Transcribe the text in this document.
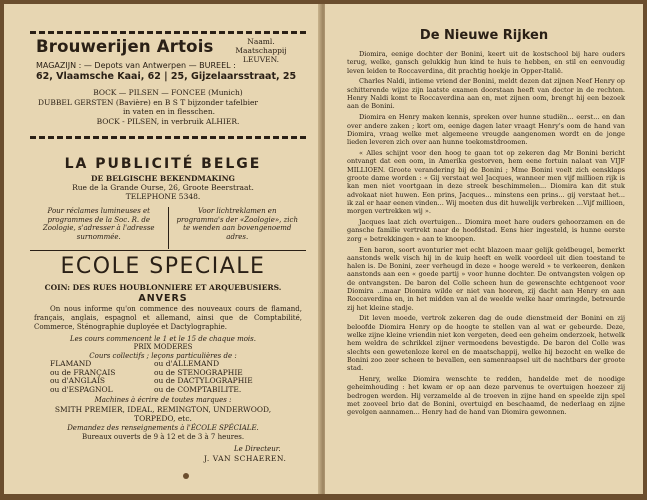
Brouwerijen Artois	Naaml. Maatschappij
LEUVEN.
MAGAZIJN : — Depots van Antwerpen — BUREEL :
62, Vlaamsche Kaai, 62 | 25, Gijzelaarsstraat, 25
BOCK — PILSEN — FONCEE (Munich)
DUBBEL GERSTEN (Bavière) en B S T bijzonder tafelbier
in vaten en in flesschen.
BOCK - PILSEN, in verbruik ALHIER.
LA PUBLICITÉ BELGE
DE BELGISCHE BEKENDMAKING
Rue de la Grande Ourse, 26, Groote Beerstraat.
TELEPHONE 5348.
Pour réclames lumineuses et programmes de la Soc. R. de Zoologie, s'adresser à l'adresse surnommée.
Voor lichtreklamen en programma's der «Zoologie», zich te wenden aan bovengenoemd adres.
ECOLE SPECIALE
COIN: DES RUES HOUBLONNIERE ET ARQUEBUSIERS.
ANVERS
On nous informe qu'on commence des nouveaux cours de flamand, français, anglais, espagnol et allemand, ainsi que de Comptabilité, Commerce, Sténographie duployée et Dactylographie.
Les cours commencent le 1 et le 15 de chaque mois.
PRIX MODERES
Cours collectifs ; leçons particulières de :
FLAMAND
ou de FRANÇAIS
ou d'ANGLAIS
ou d'ESPAGNOL
ou d'ALLEMAND
ou de STENOGRAPHIE
ou de DACTYLOGRAPHIE
ou de COMPTABILITE.
Machines à écrire de toutes marques :
SMITH PREMIER, IDEAL, REMINGTON, UNDERWOOD,
TORPEDO, etc.
Demandez des renseignements à l'ÉCOLE SPÉCIALE.
Bureaux ouverts de 9 à 12 et de 3 à 7 heures.
Le Directeur.
J. VAN SCHAEREN.
De Nieuwe Rijken

Diomira, eenige dochter der Bonini, keert uit de kostschool bij hare ouders terug, welke, gansch gelukkig hun kind te huis te hebben, en stil en eenvoudig leven leiden te Roccaverdina, dit prachtig hoekje in Opper-Italië.

Charles Naldi, intieme vriend der Bonini, meldt dezen dat zijnen Neef Henry op schitterende wijze zijn laatste examen doorstaan heeft van doctor in de rechten. Henry Naldi komt te Roccaverdina aan en, met zijnen oom, brengt hij een bezoek aan de Bonini.

Diomira en Henry maken kennis, spreken over hunne studiën... eerst... en dan over andere zaken ; kort om, eenige dagen later vraagt Henry's oom de hand van Diomira, vraag welke met algemeene vreugde aangenomen wordt en de jonge lieden leveren zich over aan hunne toekomstdroomen.

« Alles schijnt voor den hoog te gaan tot op zekeren dag Mr Bonini bericht ontvangt dat een oom, in Amerika gestorven, hem eene fortuin nalaat van VIJF MILLIOEN. Groote verandering bij de Bonini ; Mme Bonini voelt zich eensklaps groote dame worden : « Gij verstaat wel Jacques, wanneer men vijf millioen rijk is kan men niet voortgaan in deze streek beschimmelen... Diomira kan dit stuk advokaat niet huwen. Een prins, Jacques... minstens een prins... gij verstaat het... ik zal er haar eenen vinden... Wij moeten dus dit huwelijk verbreken ...Vijf millioen, morgen vertrekken wij ».

Jacques laat zich overtuigen... Diomira moet hare ouders gehoorzamen en de gansche familie vertrekt naar de hoofdstad. Eens hier ingesteld, is hunne eerste zorg « betrekkingen » aan te knoopen.

Een baron, soort avonturier met echt blazoen maar gelijk geldbeugel, bemerkt aanstonds welk visch hij in de kuip heeft en welk voordeel uit dien toestand te halen is. De Bonini, zeer verheugd in deze « hooge wereld » te verkeeren, denken aanstonds aan een « goede partij » voor hunne dochter. De ontvangsten volgen op de ontvangsten. De baron del Colle scheen hun de gewenschte echtgenoot voor Diomira ...maar Diomira wilde er niet van hooren, zij dacht aan Henry en aan Roccaverdina en, in het midden van al de weelde welke haar omringde, betreurde zij het kleine stadje.

Dit leven moede, vertrok zekeren dag de oude dienstmeid der Bonini en zij beloofde Diomira Henry op de hoogte te stellen van al wat er gebeurde. Deze, welke zijne kleine vriendin niet kon vergeten, deed een geheim onderzoek, hetwelk hem weldra de schrikkel zijner vermoedens bevestigde. De baron del Colle was slechts een gewetenloze kerel en de maatschappij, welke hij bezocht en welke de Bonini zoo zeer scheen te bevallen, een samenraapsel uit de nachtbars der groote stad.

Henry, welke Diomira wenschte te redden, handelde met de noodige geheimhouding : het kwam er op aan deze parvenus te overtuigen hoezeer zij bedrogen werden. Hij verzamelde al de troeven in zijne hand en speelde zijn spel met zooveel brio dat de Bonini, overtuigd en beschaamd, de nederlaag en zijne gevolgen aannamen... Henry had de hand van Diomira gewonnen.
